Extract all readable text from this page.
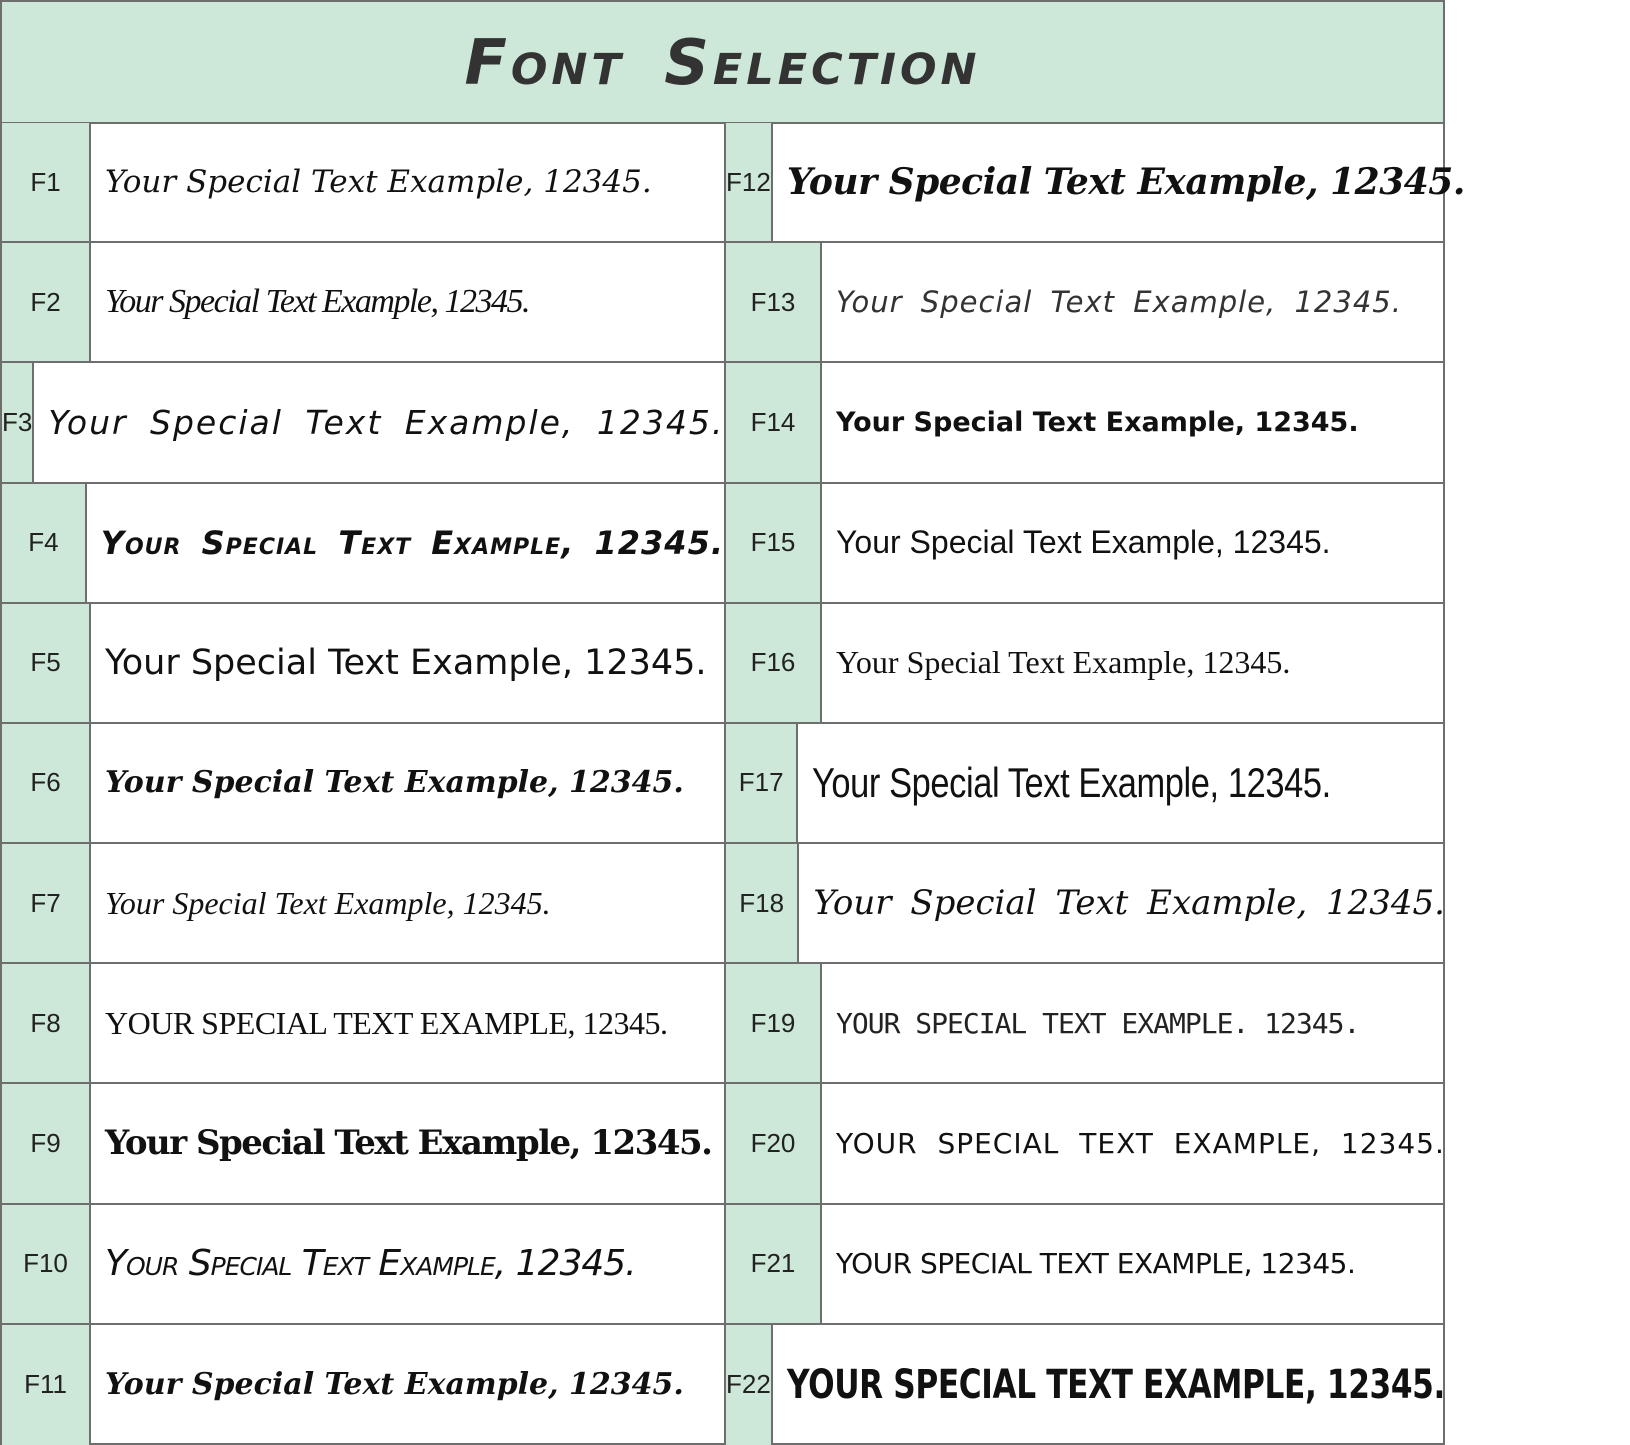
Font Selection
F1	Your Special Text Example, 12345.
F2	Your Special Text Example, 12345.
F3 Your Special Text Example, 12345.
F4	Your Special Text Example, 12345.
F5	Your Special Text Example, 12345.
F6	Your Special Text Example, 12345.
F7	Your Special Text Example, 12345.
F8	YOUR SPECIAL TEXT EXAMPLE, 12345.
F9	Your Special Text Example, 12345.
F10	Your Special Text Example, 12345.
F11	Your Special Text Example, 12345.
F12 Your Special Text Example, 12345.
F13	Your Special Text Example, 12345.
F14	Your Special Text Example, 12345.
F15	Your Special Text Example, 12345.
F16	Your Special Text Example, 12345.
F17 Your Special Text Example, 12345.
F18 Your Special Text Example, 12345.
F19	YOUR SPECIAL TEXT EXAMPLE. 12345.
F20	YOUR SPECIAL TEXT EXAMPLE, 12345.
F21	YOUR SPECIAL TEXT EXAMPLE, 12345.
F22 YOUR SPECIAL TEXT EXAMPLE, 12345.
